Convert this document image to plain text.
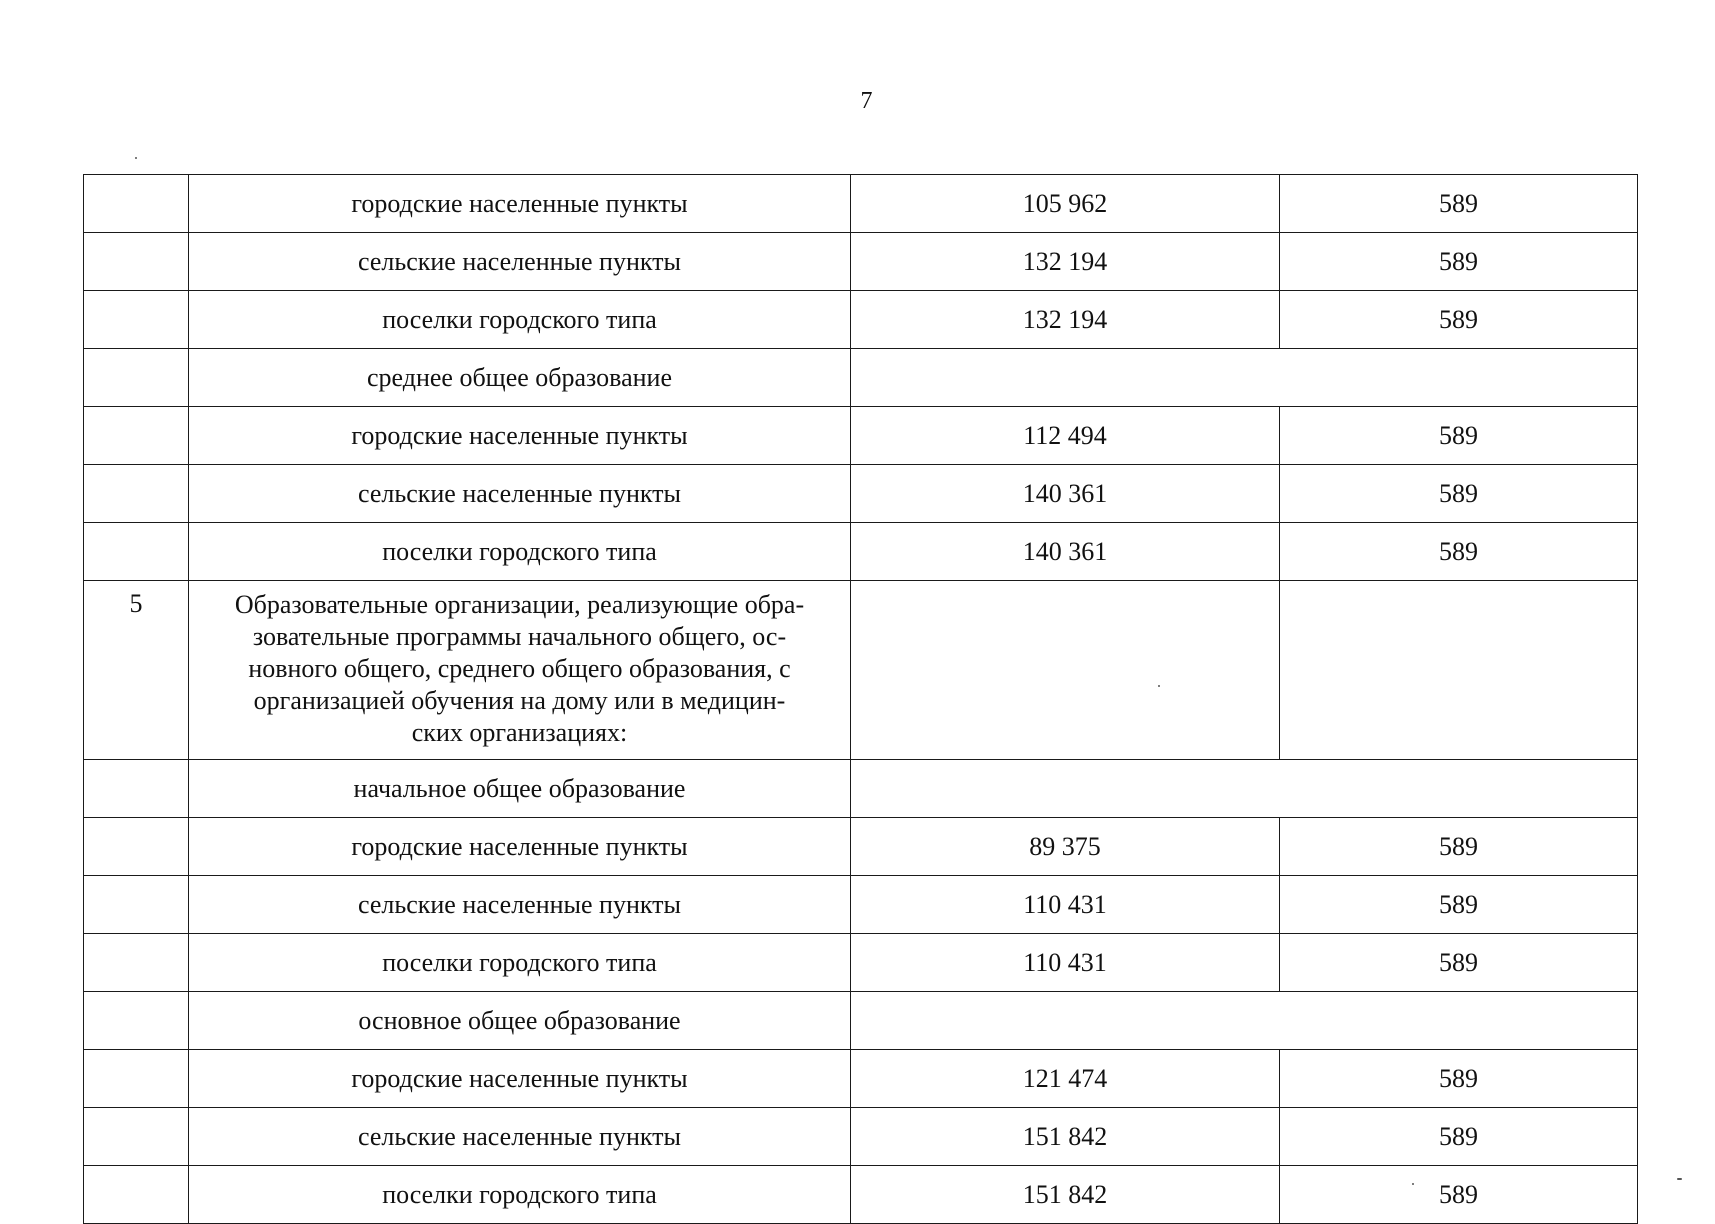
7
	городские населенные пункты	105 962	589
	сельские населенные пункты	132 194	589
	поселки городского типа	132 194	589
	среднее общее образование		
	городские населенные пункты	112 494	589
	сельские населенные пункты	140 361	589
	поселки городского типа	140 361	589
5	Образовательные организации, реализующие обра-
зовательные программы начального общего, ос-
новного общего, среднего общего образования, с
организацией обучения на дому или в медицин-
ских организациях:		

	начальное общее образование		
	городские населенные пункты	89 375	589
	сельские населенные пункты	110 431	589
	поселки городского типа	110 431	589
	основное общее образование		
	городские населенные пункты	121 474	589
	сельские населенные пункты	151 842	589
	поселки городского типа	151 842	589
